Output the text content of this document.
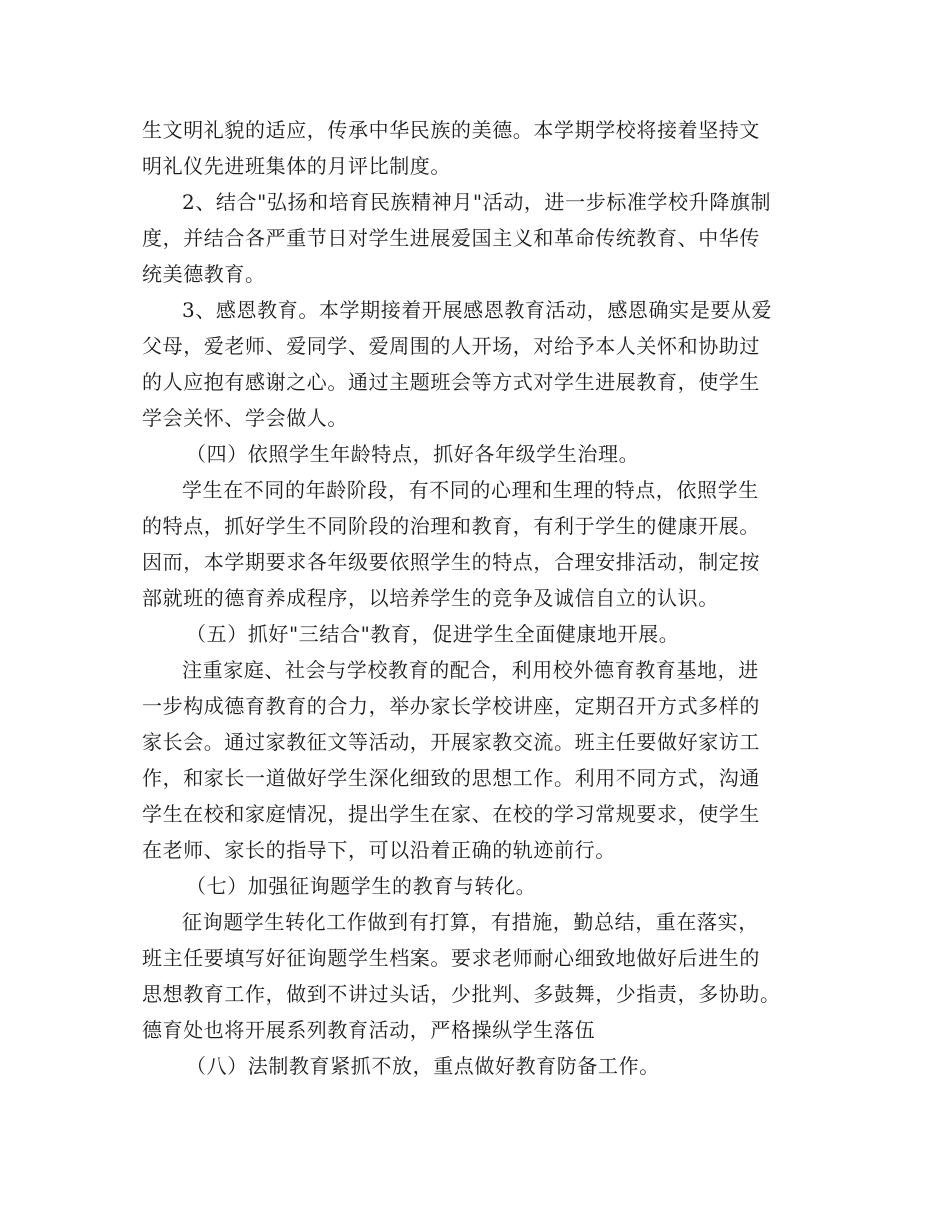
生文明礼貌的适应，传承中华民族的美德。本学期学校将接着坚持文
明礼仪先进班集体的月评比制度。
2、结合"弘扬和培育民族精神月"活动，进一步标准学校升降旗制
度，并结合各严重节日对学生进展爱国主义和革命传统教育、中华传
统美德教育。
3、感恩教育。本学期接着开展感恩教育活动，感恩确实是要从爱
父母，爱老师、爱同学、爱周围的人开场，对给予本人关怀和协助过
的人应抱有感谢之心。通过主题班会等方式对学生进展教育，使学生
学会关怀、学会做人。
（四）依照学生年龄特点，抓好各年级学生治理。
学生在不同的年龄阶段，有不同的心理和生理的特点，依照学生
的特点，抓好学生不同阶段的治理和教育，有利于学生的健康开展。
因而，本学期要求各年级要依照学生的特点，合理安排活动，制定按
部就班的德育养成程序，以培养学生的竞争及诚信自立的认识。
（五）抓好"三结合"教育，促进学生全面健康地开展。
注重家庭、社会与学校教育的配合，利用校外德育教育基地，进
一步构成德育教育的合力，举办家长学校讲座，定期召开方式多样的
家长会。通过家教征文等活动，开展家教交流。班主任要做好家访工
作，和家长一道做好学生深化细致的思想工作。利用不同方式，沟通
学生在校和家庭情况，提出学生在家、在校的学习常规要求，使学生
在老师、家长的指导下，可以沿着正确的轨迹前行。
（七）加强征询题学生的教育与转化。
征询题学生转化工作做到有打算，有措施，勤总结，重在落实，
班主任要填写好征询题学生档案。要求老师耐心细致地做好后进生的
思想教育工作，做到不讲过头话，少批判、多鼓舞，少指责，多协助。
德育处也将开展系列教育活动，严格操纵学生落伍
（八）法制教育紧抓不放，重点做好教育防备工作。
